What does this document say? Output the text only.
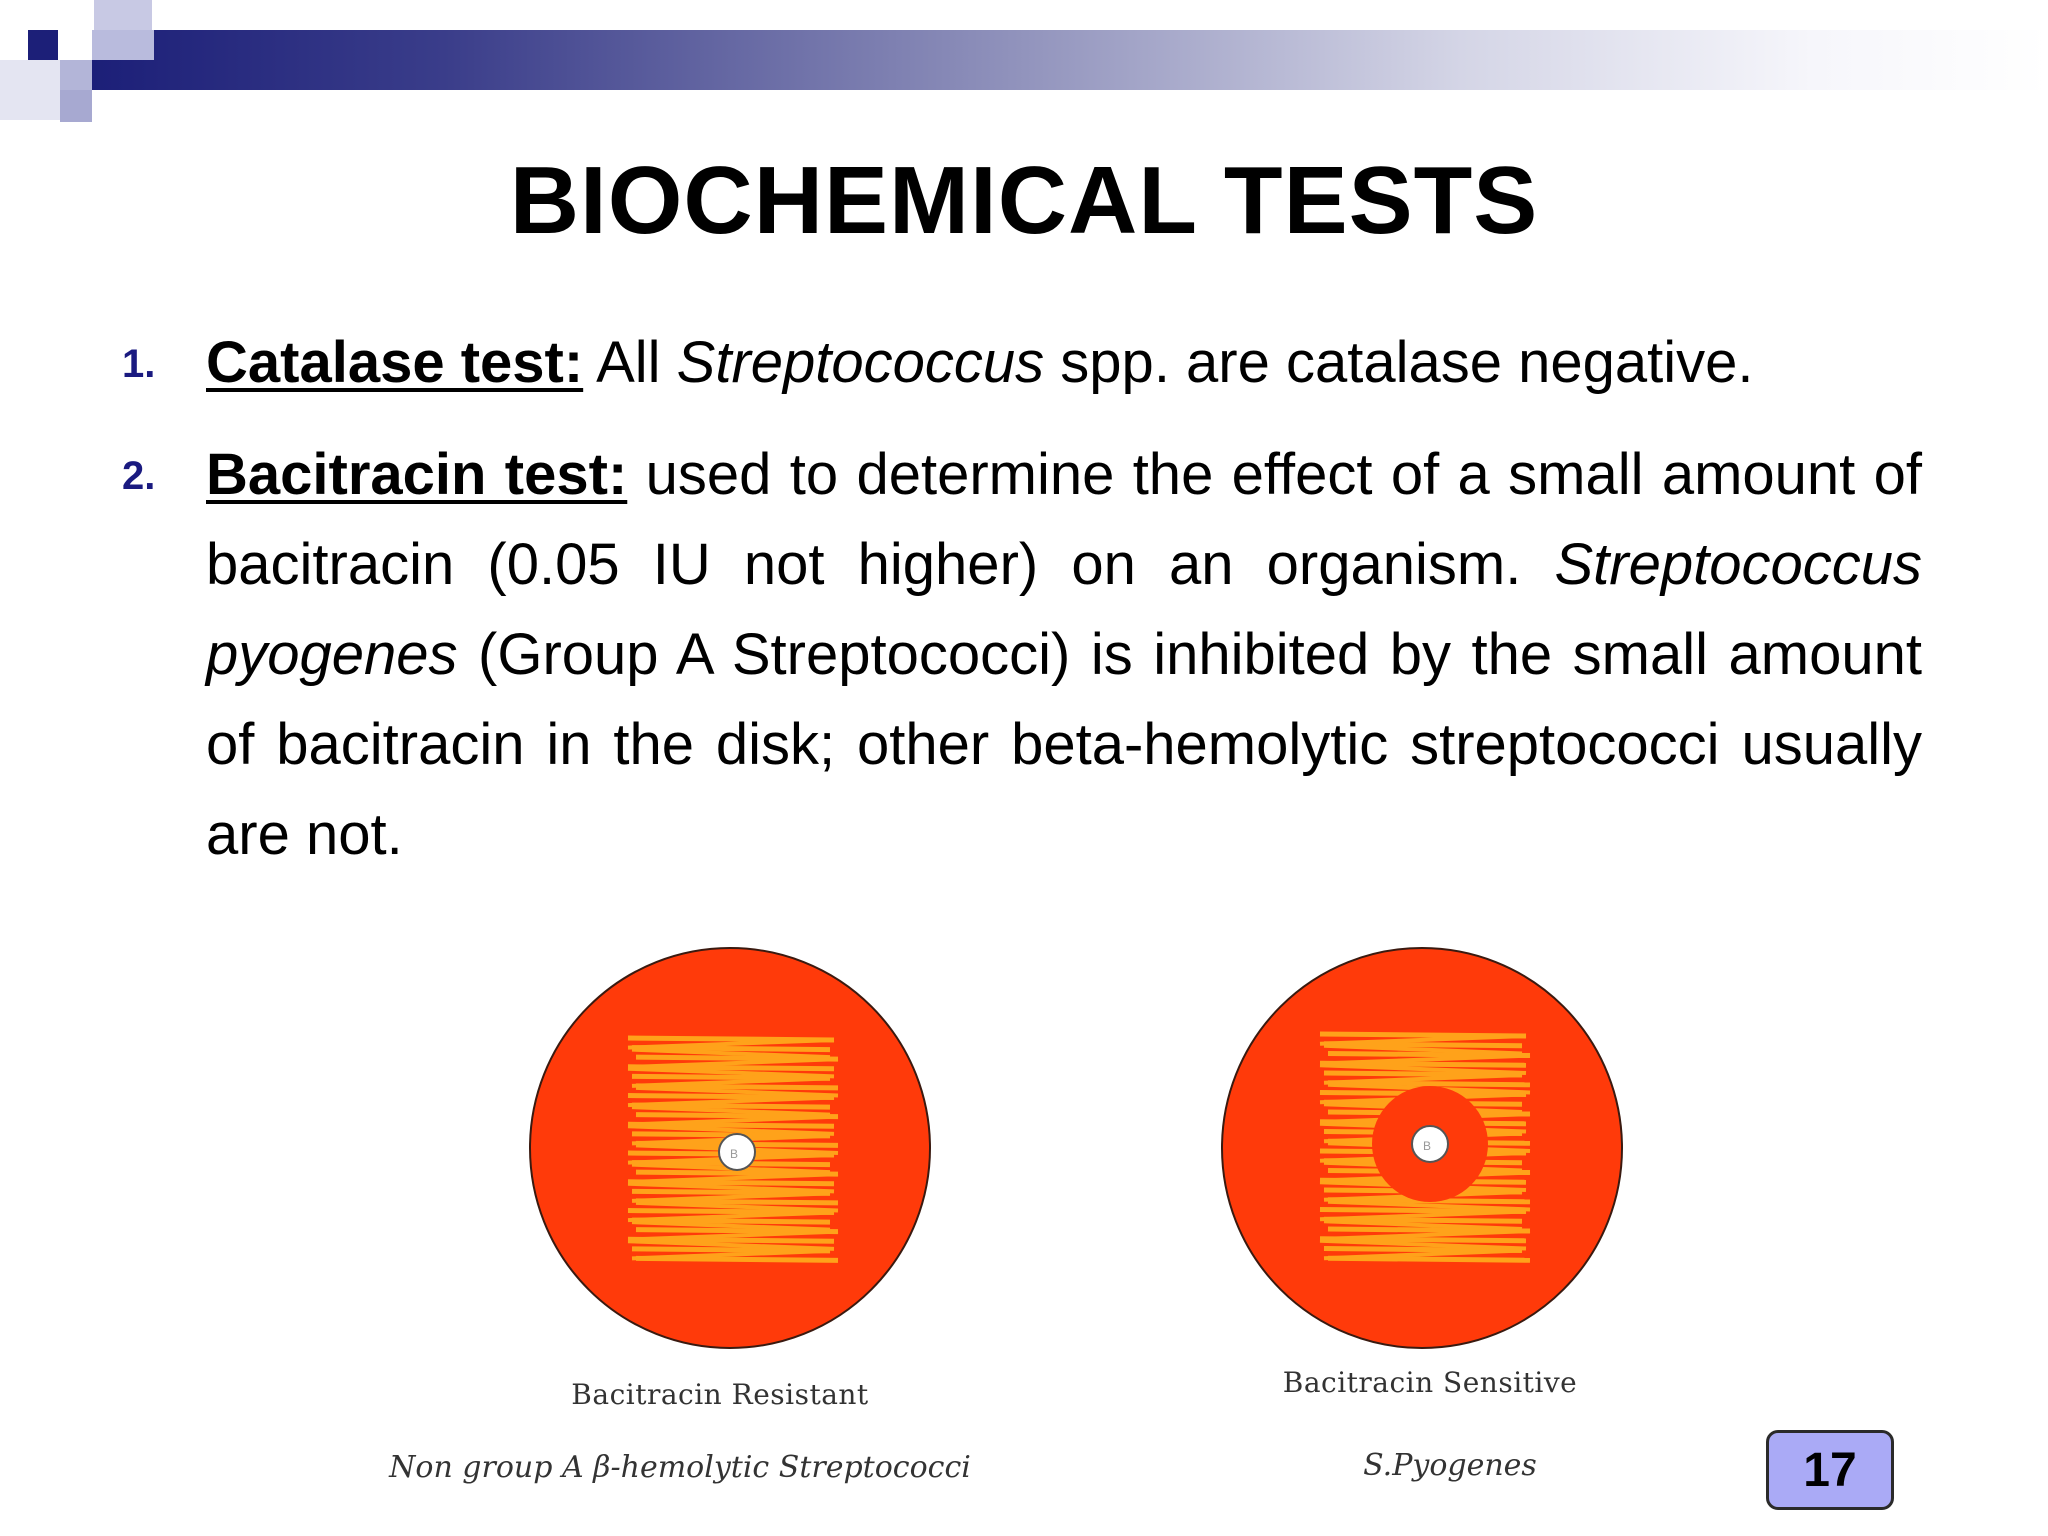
BIOCHEMICAL TESTS
1. Catalase test: All Streptococcus spp. are catalase negative.
2. Bacitracin test: used to determine the effect of a small amount of bacitracin (0.05 IU not higher) on an organism. Streptococcus pyogenes (Group A Streptococci) is inhibited by the small amount of bacitracin in the disk; other beta-hemolytic streptococci usually are not.
B
B
Bacitracin Resistant	Bacitracin Sensitive
Non group A β-hemolytic Streptococci	S.Pyogenes	17
